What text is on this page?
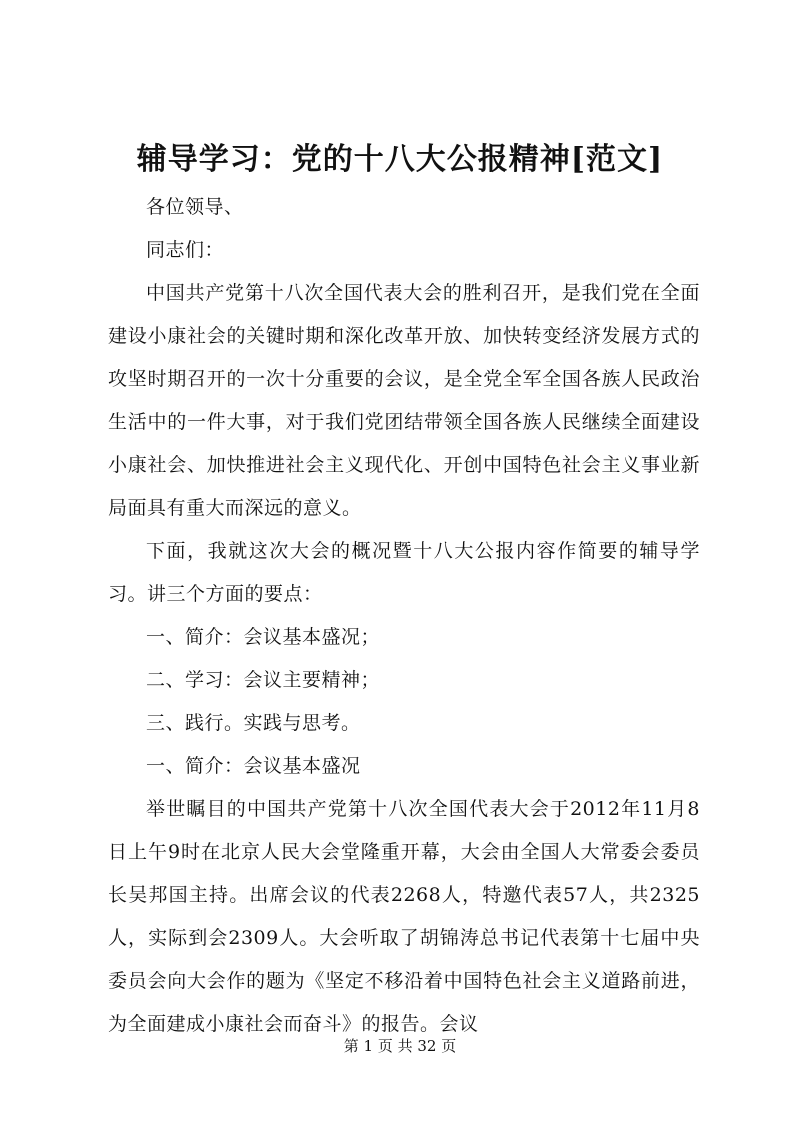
辅导学习：党的十八大公报精神[范文]

各位领导、

同志们：

中国共产党第十八次全国代表大会的胜利召开，是我们党在全面建设小康社会的关键时期和深化改革开放、加快转变经济发展方式的攻坚时期召开的一次十分重要的会议，是全党全军全国各族人民政治生活中的一件大事，对于我们党团结带领全国各族人民继续全面建设小康社会、加快推进社会主义现代化、开创中国特色社会主义事业新局面具有重大而深远的意义。

下面，我就这次大会的概况暨十八大公报内容作简要的辅导学习。讲三个方面的要点：

一、简介：会议基本盛况；

二、学习：会议主要精神；

三、践行。实践与思考。

一、简介：会议基本盛况

举世瞩目的中国共产党第十八次全国代表大会于2012年11月8日上午9时在北京人民大会堂隆重开幕，大会由全国人大常委会委员长吴邦国主持。出席会议的代表2268人，特邀代表57人，共2325人，实际到会2309人。大会听取了胡锦涛总书记代表第十七届中央委员会向大会作的题为《坚定不移沿着中国特色社会主义道路前进，为全面建成小康社会而奋斗》的报告。会议

第 1 页 共 32 页
